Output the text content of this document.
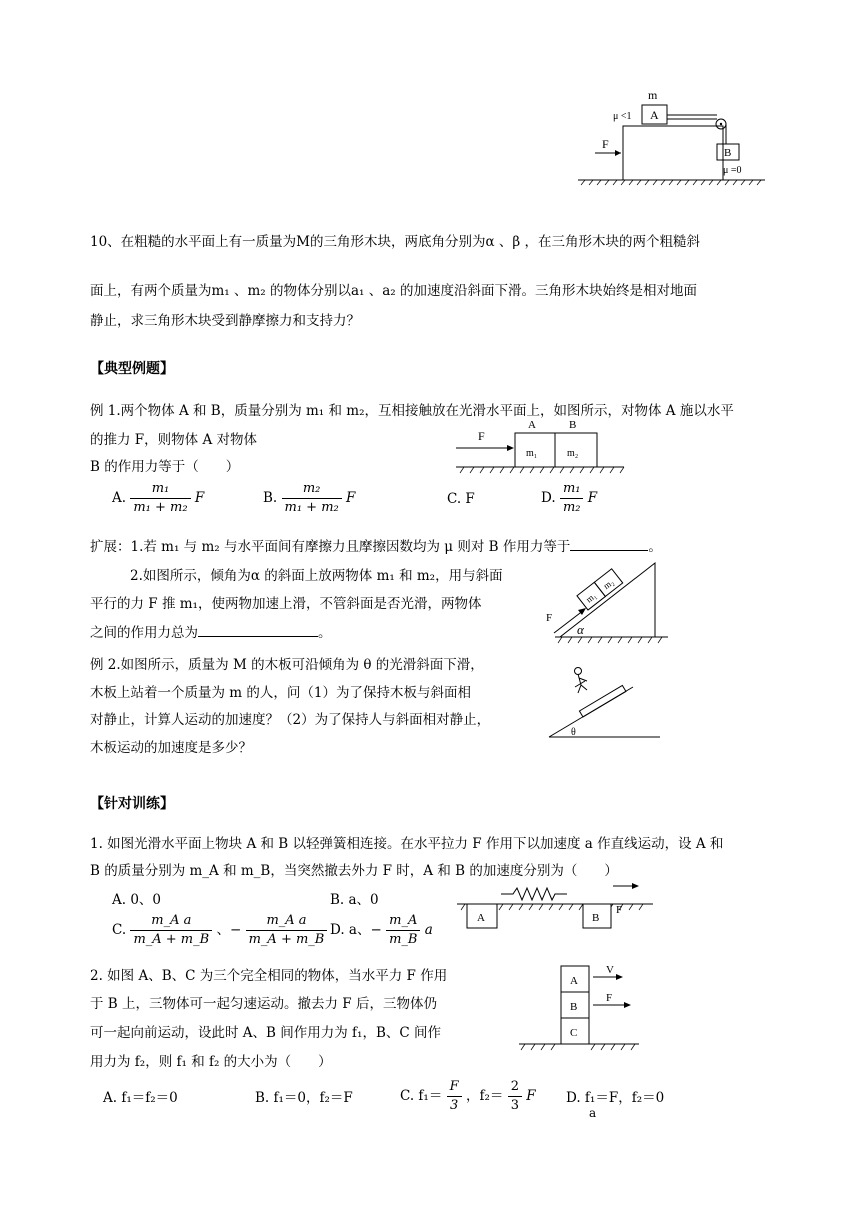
m
A
μ <1
B
μ =0
F
10、在粗糙的水平面上有一质量为M的三角形木块，两底角分别为α 、β ，在三角形木块的两个粗糙斜
面上，有两个质量为m₁ 、m₂ 的物体分别以a₁ 、a₂ 的加速度沿斜面下滑。三角形木块始终是相对地面
静止，求三角形木块受到静摩擦力和支持力？
【典型例题】
例 1.两个物体 A 和 B，质量分别为 m₁ 和 m₂，互相接触放在光滑水平面上，如图所示，对物体 A 施以水平
的推力 F，则物体 A 对物体
B 的作用力等于（　　）
F
A	B
m₁	m₂
A. $\frac{\text{m₁}}{\text{m₁ + m₂}}$ F	B. $\frac{\text{m₂}}{\text{m₁ + m₂}}$ F	C. F	D. $\frac{\text{m₁}}{\text{m₂}}$ F
扩展：1.若 m₁ 与 m₂ 与水平面间有摩擦力且摩擦因数均为 μ 则对 B 作用力等于	。
2.如图所示，倾角为α 的斜面上放两物体 m₁ 和 m₂，用与斜面
平行的力 F 推 m₁，使两物加速上滑，不管斜面是否光滑，两物体
之间的作用力总为	。
m₁
m₂
F
α
例 2.如图所示，质量为 M 的木板可沿倾角为 θ 的光滑斜面下滑，
木板上站着一个质量为 m 的人，问（1）为了保持木板与斜面相
对静止，计算人运动的加速度？（2）为了保持人与斜面相对静止，
木板运动的加速度是多少？
θ
【针对训练】
1. 如图光滑水平面上物块 A 和 B 以轻弹簧相连接。在水平拉力 F 作用下以加速度 a 作直线运动，设 A 和
B 的质量分别为 m_A 和 m_B，当突然撤去外力 F 时，A 和 B 的加速度分别为（　　）
A. 0、0	B. a、0
C. $\frac{\text{m\_A a}}{m\_A + m\_B}$ 、− $\frac{\text{m\_A a}}{m\_A + m\_B} D$. a、− $\frac{m\_A}{m\_B}$ a
A	B
F
2. 如图 A、B、C 为三个完全相同的物体，当水平力 F 作用
于 B 上，三物体可一起匀速运动。撤去力 F 后，三物体仍
可一起向前运动，设此时 A、B 间作用力为 f₁，B、C 间作
用力为 f₂，则 f₁ 和 f₂ 的大小为（　　）
A
B
C
V
F
A. f₁＝f₂＝0	B. f₁＝0，f₂＝F	C. $f_1= \frac{F}{3}$ ，$f_2= \frac{2}{3}$ F D. f₁＝F，f₂＝0
a
